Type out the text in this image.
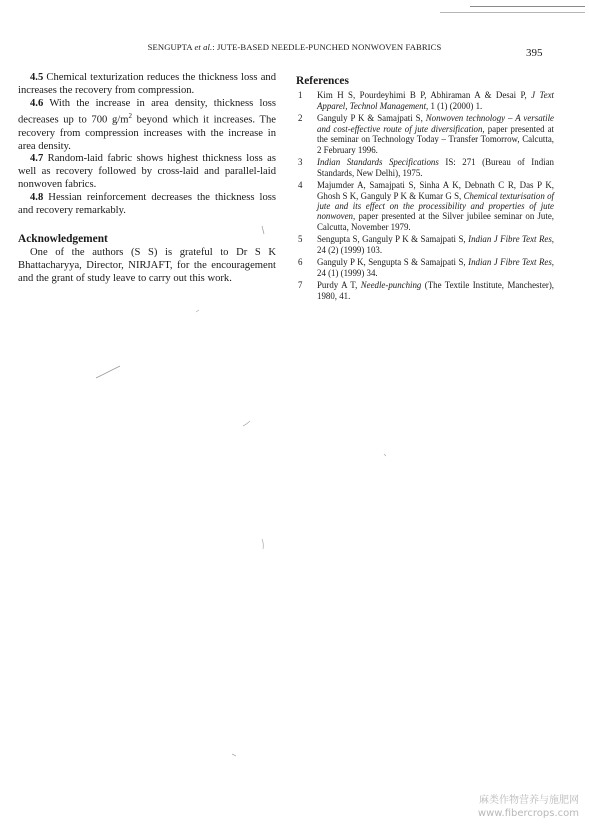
SENGUPTA et al.: JUTE-BASED NEEDLE-PUNCHED NONWOVEN FABRICS	395

4.5 Chemical texturization reduces the thickness loss and increases the recovery from compression.

4.6 With the increase in area density, thickness loss decreases up to 700 $g/m^2$ beyond which it increases. The recovery from compression increases with the increase in area density.

4.7 Random-laid fabric shows highest thickness loss as well as recovery followed by cross-laid and parallel-laid nonwoven fabrics.

4.8 Hessian reinforcement decreases the thickness loss and recovery remarkably.

Acknowledgement

One of the authors (S S) is grateful to Dr S K Bhattacharyya, Director, NIRJAFT, for the encouragement and the grant of study leave to carry out this work.

References
1	Kim H S, Pourdeyhimi B P, Abhiraman A & Desai P, J Text Apparel, Technol Management, 1 (1) (2000) 1.
2	Ganguly P K & Samajpati S, Nonwoven technology – A versatile and cost-effective route of jute diversification, paper presented at the seminar on Technology Today – Transfer Tomorrow, Calcutta, 2 February 1996.
3	Indian Standards Specifications IS: 271 (Bureau of Indian Standards, New Delhi), 1975.
4	Majumder A, Samajpati S, Sinha A K, Debnath C R, Das P K, Ghosh S K, Ganguly P K & Kumar G S, Chemical texturisation of jute and its effect on the processibility and properties of jute nonwoven, paper presented at the Silver jubilee seminar on Jute, Calcutta, November 1979.
5	Sengupta S, Ganguly P K & Samajpati S, Indian J Fibre Text Res, 24 (2) (1999) 103.
6	Ganguly P K, Sengupta S & Samajpati S, Indian J Fibre Text Res, 24 (1) (1999) 34.
7	Purdy A T, Needle-punching (The Textile Institute, Manchester), 1980, 41.
麻类作物营养与施肥网
www.fibercrops.com
